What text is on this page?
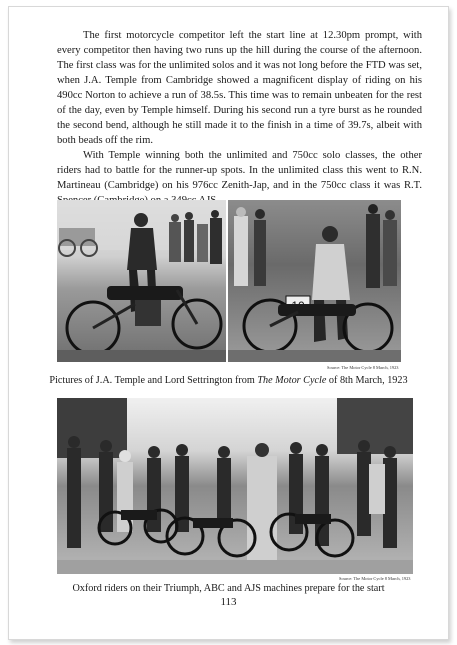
The first motorcycle competitor left the start line at 12.30pm prompt, with every competitor then having two runs up the hill during the course of the afternoon. The first class was for the unlimited solos and it was not long before the FTD was set, when J.A. Temple from Cambridge showed a magnificent display of riding on his 490cc Norton to achieve a run of 38.5s. This time was to remain unbeaten for the rest of the day, even by Temple himself. During his second run a tyre burst as he rounded the second bend, although he still made it to the finish in a time of 39.7s, albeit with both beads off the rim.

With Temple winning both the unlimited and 750cc solo classes, the other riders had to battle for the runner-up spots. In the unlimited class this went to R.N. Martineau (Cambridge) on his 976cc Zenith-Jap, and in the 750cc class it was R.T.

Source: The Motor Cycle 8 March, 1923
Pictures of J.A. Temple and Lord Settrington from The Motor Cycle of 8th March, 1923
Source: The Motor Cycle 8 March, 1923
Oxford riders on their Triumph, ABC and AJS machines prepare for the start
113
